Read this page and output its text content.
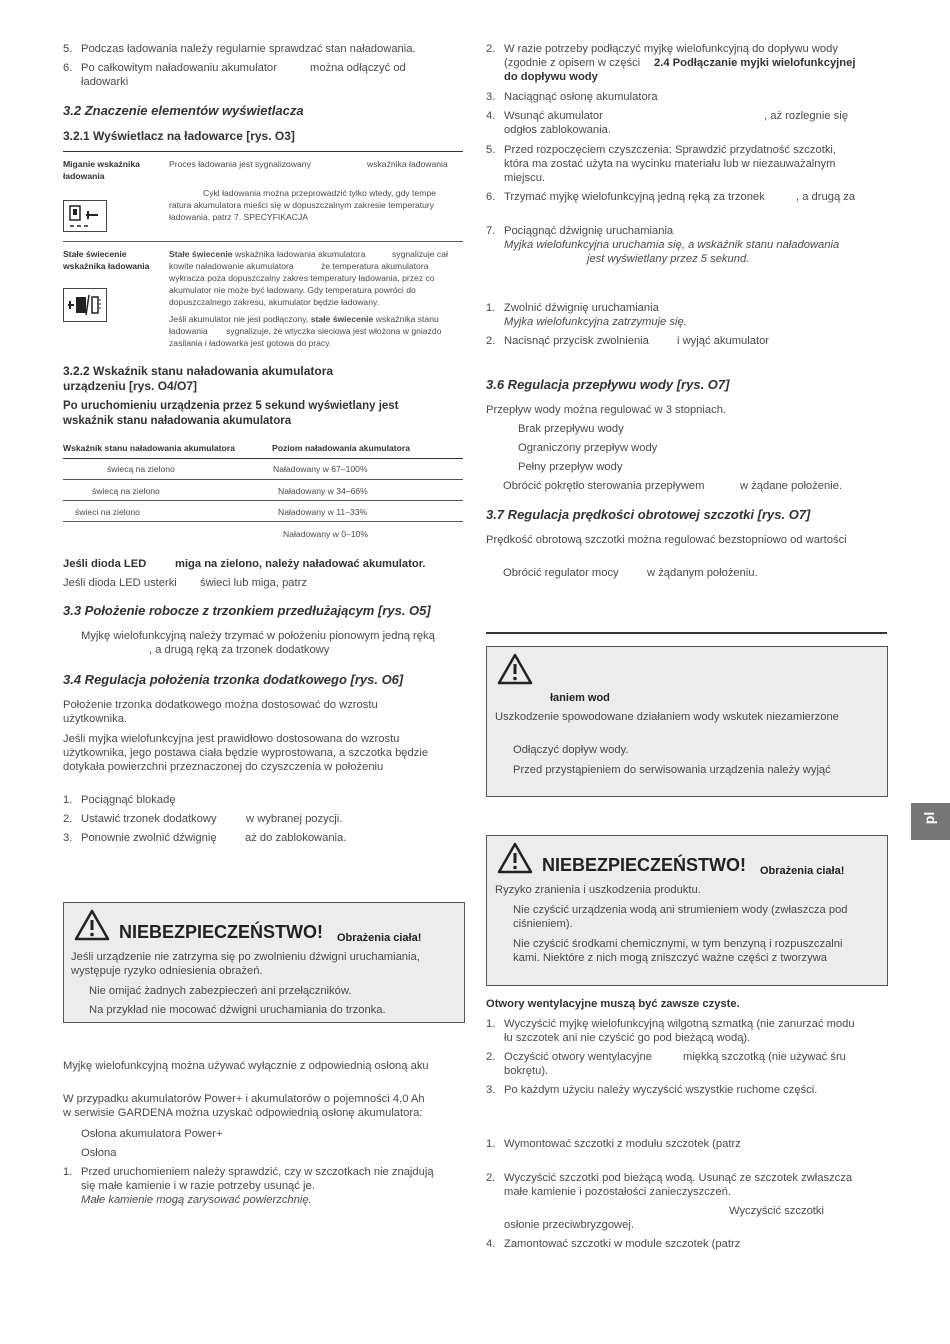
5. Podczas ładowania należy regularnie sprawdzać stan naładowania.
6. Po całkowitym naładowaniu akumulator	można odłączyć od
ładowarki
3.2 Znaczenie elementów wyświetlacza
3.2.1 Wyświetlacz na ładowarce [rys. O3]
Miganie wskaźnika
ładowania
Proces ładowania jest sygnalizowany	wskaźnika ładowania
Cykl ładowania można przeprowadzić tylko wtedy, gdy tempe
ratura akumulatora mieści się w dopuszczalnym zakresie temperatury
ładowania, patrz 7. SPECYFIKACJA
Stałe świecenie
wskaźnika ładowania
Stałe świecenie wskaźnika ładowania akumulatora	sygnalizuje cał
kowite naładowanie akumulatora	że temperatura akumulatora
wykracza poza dopuszczalny zakres temperatury ładowania, przez co
akumulator nie może być ładowany. Gdy temperatura powróci do
dopuszczalnego zakresu, akumulator będzie ładowany.
Jeśli akumulator nie jest podłączony, stałe świecenie wskaźnika stanu
ładowania sygnalizuje, że wtyczka sieciowa jest włożona w gniazdo
zasilania i ładowarka jest gotowa do pracy.
3.2.2 Wskaźnik stanu naładowania akumulatora
urządzeniu [rys. O4/O7]
Po uruchomieniu urządzenia przez 5 sekund wyświetlany jest
wskaźnik stanu naładowania akumulatora
Wskaźnik stanu naładowania akumulatora	Poziom naładowania akumulatora
świecą na zielono	Naładowany w 67–100%
świecą na zielono	Naładowany w 34–66%
świeci na zielono	Naładowany w 11–33%
Naładowany w 0–10%
Jeśli dioda LED	miga na zielono, należy naładować akumulator.
Jeśli dioda LED usterki świeci lub miga, patrz
3.3 Położenie robocze z trzonkiem przedłużającym [rys. O5]
Myjkę wielofunkcyjną należy trzymać w położeniu pionowym jedną ręką
, a drugą ręką za trzonek dodatkowy
3.4 Regulacja położenia trzonka dodatkowego [rys. O6]
Położenie trzonka dodatkowego można dostosować do wzrostu
użytkownika.
Jeśli myjka wielofunkcyjna jest prawidłowo dostosowana do wzrostu
użytkownika, jego postawa ciała będzie wyprostowana, a szczotka będzie
dotykała powierzchni przeznaczonej do czyszczenia w położeniu
1. Pociągnąć blokadę
2. Ustawić trzonek dodatkowy	w wybranej pozycji.
3. Ponownie zwolnić dźwignię	aż do zablokowania.
NIEBEZPIECZEŃSTWO! Obrażenia ciała!
Jeśli urządzenie nie zatrzyma się po zwolnieniu dźwigni uruchamiania,
występuje ryzyko odniesienia obrażeń.
Nie omijać żadnych zabezpieczeń ani przełączników.
Na przykład nie mocować dźwigni uruchamiania do trzonka.
Myjkę wielofunkcyjną można używać wyłącznie z odpowiednią osłoną aku
W przypadku akumulatorów Power+ i akumulatorów o pojemności 4,0 Ah
w serwisie GARDENA można uzyskać odpowiednią osłonę akumulatora:
Osłona akumulatora Power+
Osłona
1. Przed uruchomieniem należy sprawdzić, czy w szczotkach nie znajdują
się małe kamienie i w razie potrzeby usunąć je.
Małe kamienie mogą zarysować powierzchnię.
2. W razie potrzeby podłączyć myjkę wielofunkcyjną do dopływu wody
(zgodnie z opisem w części 2.4 Podłączanie myjki wielofunkcyjnej
do dopływu wody
3. Naciągnąć osłonę akumulatora
4. Wsunąć akumulator	, aż rozlegnie się
odgłos zablokowania.
5. Przed rozpoczęciem czyszczenia: Sprawdzić przydatność szczotki,
która ma zostać użyta na wycinku materiału lub w niezauważalnym
miejscu.
6. Trzymać myjkę wielofunkcyjną jedną ręką za trzonek	, a drugą za
7. Pociągnąć dźwignię uruchamiania
Myjka wielofunkcyjna uruchamia się, a wskaźnik stanu naładowania
jest wyświetlany przez 5 sekund.
1. Zwolnić dźwignię uruchamiania
Myjka wielofunkcyjna zatrzymuje się.
2. Nacisnąć przycisk zwolnienia	i wyjąć akumulator
3.6 Regulacja przepływu wody [rys. O7]
Przepływ wody można regulować w 3 stopniach.
Brak przepływu wody
Ograniczony przepływ wody
Pełny przepływ wody
Obrócić pokrętło sterowania przepływem	w żądane położenie.
3.7 Regulacja prędkości obrotowej szczotki [rys. O7]
Prędkość obrotową szczotki można regulować bezstopniowo od wartości
Obrócić regulator mocy	w żądanym położeniu.
łaniem wod
Uszkodzenie spowodowane działaniem wody wskutek niezamierzone
Odłączyć dopływ wody.
Przed przystąpieniem do serwisowania urządzenia należy wyjąć
NIEBEZPIECZEŃSTWO! Obrażenia ciała!
Ryzyko zranienia i uszkodzenia produktu.
Nie czyścić urządzenia wodą ani strumieniem wody (zwłaszcza pod
ciśnieniem).
Nie czyścić środkami chemicznymi, w tym benzyną i rozpuszczalni
kami. Niektóre z nich mogą zniszczyć ważne części z tworzywa
Otwory wentylacyjne muszą być zawsze czyste.
1. Wyczyścić myjkę wielofunkcyjną wilgotną szmatką (nie zanurzać modu
łu szczotek ani nie czyścić go pod bieżącą wodą).
2. Oczyścić otwory wentylacyjne	miękką szczotką (nie używać śru
bokrętu).
3. Po każdym użyciu należy wyczyścić wszystkie ruchome części.
1. Wymontować szczotki z modułu szczotek (patrz
2. Wyczyścić szczotki pod bieżącą wodą. Usunąć ze szczotek zwłaszcza
małe kamienie i pozostałości zanieczyszczeń.
Wyczyścić szczotki
osłonie przeciwbryzgowej.
4. Zamontować szczotki w module szczotek (patrz
pl
